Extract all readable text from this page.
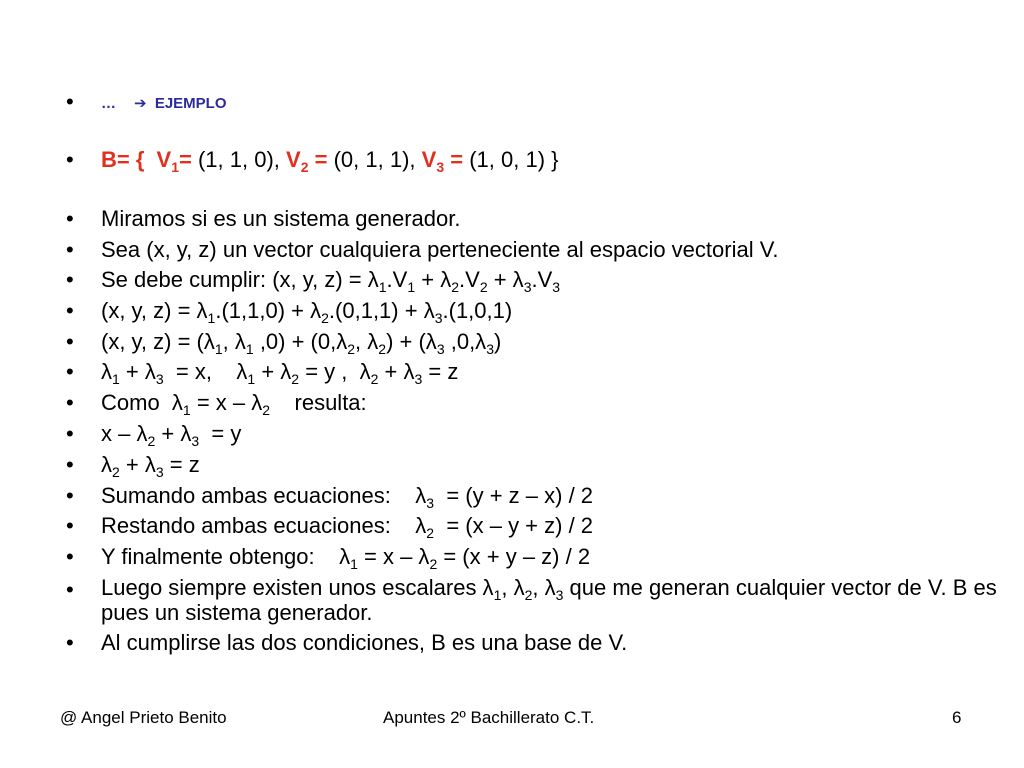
•	… ➔ EJEMPLO
•	B= { $V_1= (1$, 1, 0), $V_2 = (0$, 1, 1), $V_3 = (1$, 0, 1) }
•	Miramos si es un sistema generador.
•	Sea (x, y, z) un vector cualquiera perteneciente al espacio vectorial V.
•	Se debe cumplir: (x, y, $z) = \lambda_1.V_1 + \lambda_2.V_2 + \lambda_3.V_3$
•	(x, y, $z) = \lambda_1.(1,1,0) + \lambda_2.(0,1,1) + \lambda_3.(1,0,1)$
•	(x, y, $z) = (\lambda_1$, $\lambda_1$ $,0) + (0,\lambda_2$, $\lambda_2) + (\lambda_3$ $,0,\lambda_3$)
•	$\lambda_1 + \lambda_3 = x$,    $\lambda_1 + \lambda_2 = y$ ,  $\lambda_2 + \lambda_3 = z$
•	Como  $\lambda_1 = x - \lambda_2$    resulta:
•	$x - \lambda_2 + \lambda_3 = y$
•	$\lambda_2 + \lambda_3 = z$
•	Sumando ambas ecuaciones:    $\lambda_3 = (y + z - x) / 2$
•	Restando ambas ecuaciones:    $\lambda_2 = (x - y + z) / 2$
•	Y finalmente obtengo:    $\lambda_1 = x - \lambda_2 = (x + y - z) / 2$
•	Luego siempre existen unos escalares $\lambda_1$, $\lambda_2$, $\lambda_3$ que me generan cualquier vector de V. B es pues un sistema generador.
•	Al cumplirse las dos condiciones, B es una base de V.
@ Angel Prieto Benito	Apuntes 2º Bachillerato C.T.	6
